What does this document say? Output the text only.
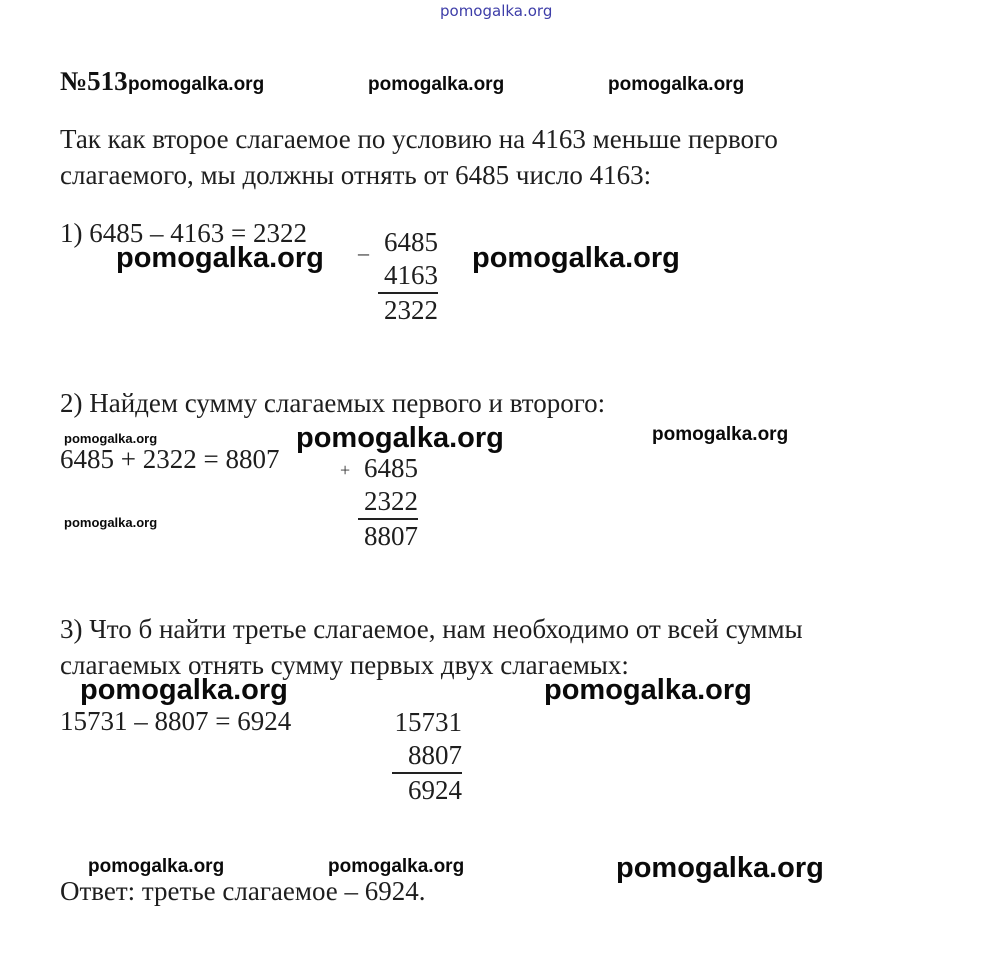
pomogalka.org
№513 pomogalka.org	pomogalka.org	pomogalka.org
Так как второе слагаемое по условию на 4163 меньше первого
слагаемого, мы должны отнять от 6485 число 4163:
1) 6485 – 4163 = 2322
– 6485
4163
2322
pomogalka.org	pomogalka.org
2) Найдем сумму слагаемых первого и второго:
pomogalka.org	pomogalka.org	pomogalka.org
6485 + 2322 = 8807	+ 6485
2322
8807
pomogalka.org
3) Что б найти третье слагаемое, нам необходимо от всей суммы
слагаемых отнять сумму первых двух слагаемых:
pomogalka.org	pomogalka.org
15731 – 8807 = 6924	15731
8807
6924
pomogalka.org	pomogalka.org	pomogalka.org
Ответ: третье слагаемое – 6924.
